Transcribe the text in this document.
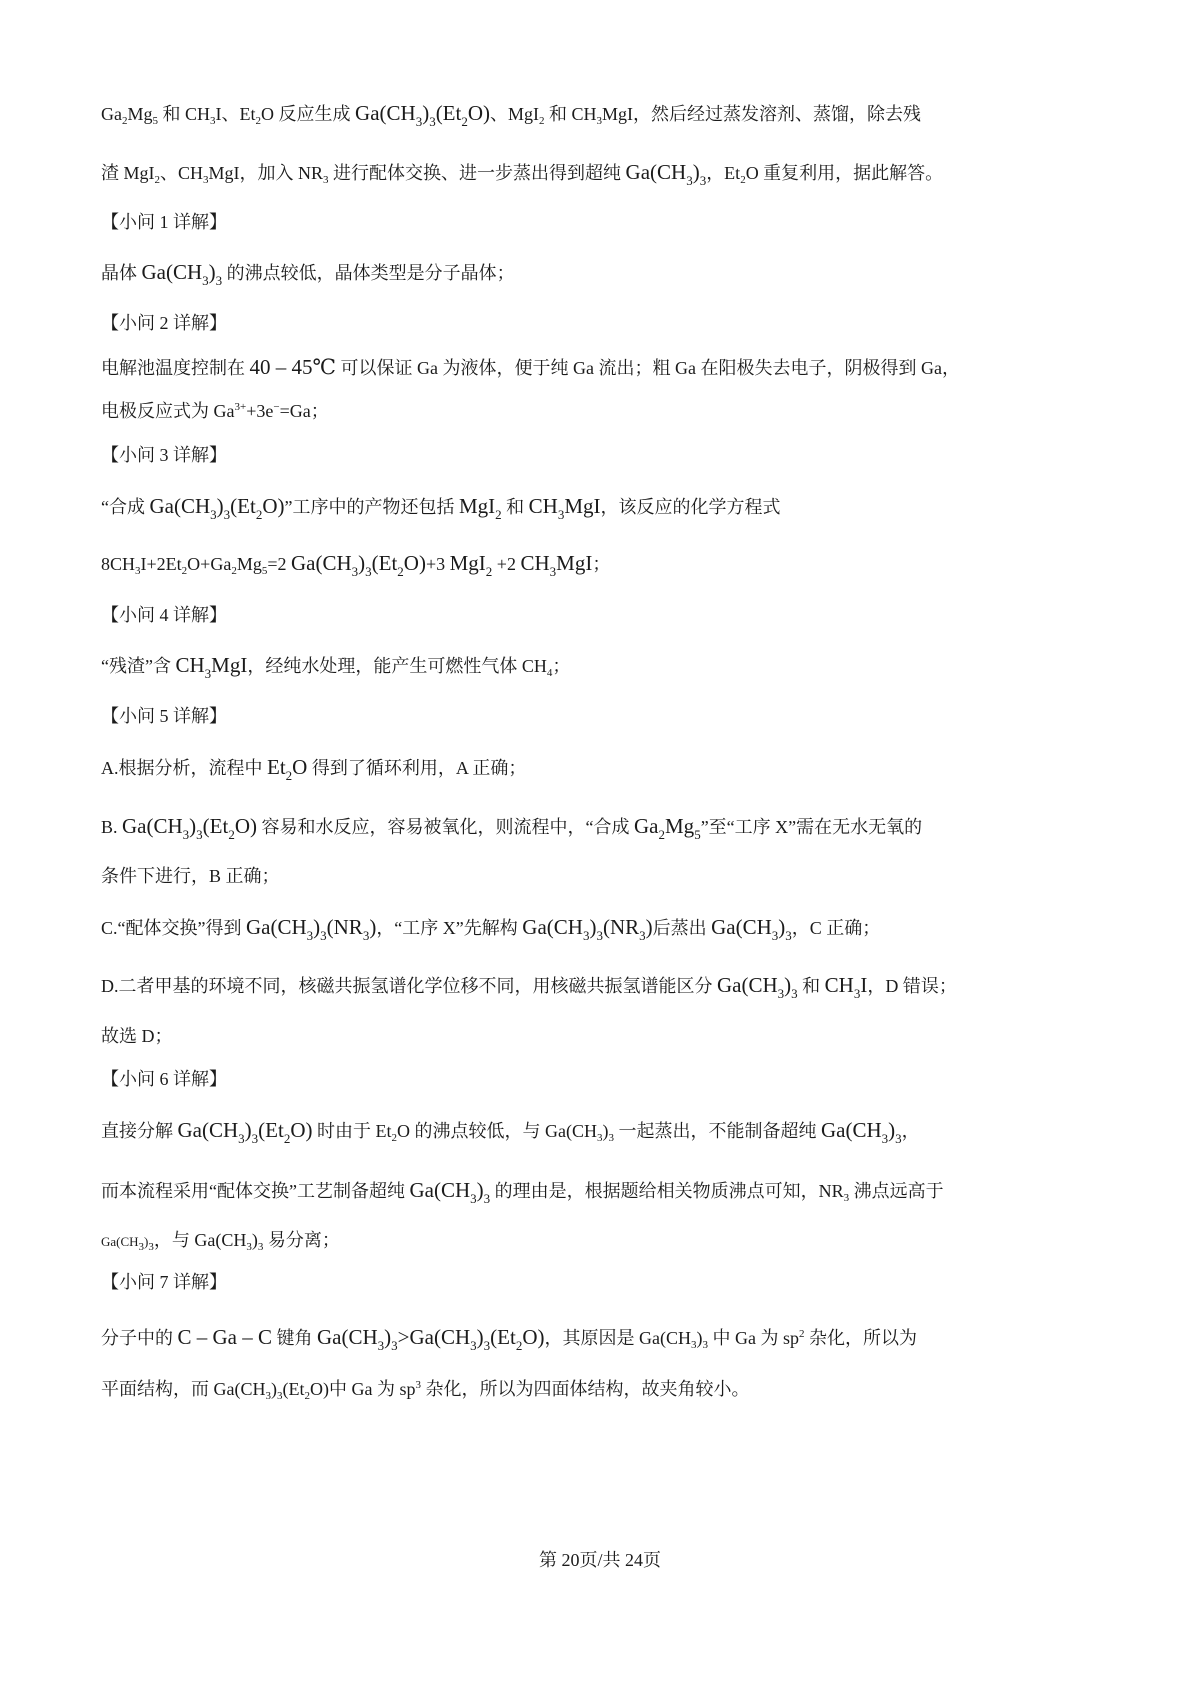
$Ga_2Mg_5$ 和 $CH_3I$、$Et_2O$ 反应生成 $Ga(CH_3)_3(Et_2O)$、MgI$_2$ 和 $CH_3MgI$，然后经过蒸发溶剂、蒸馏，除去残
渣 MgI$_2$、$CH_3MgI$，加入 $NR_3$ 进行配体交换、进一步蒸出得到超纯 $Ga(CH_3)_3$，$Et_2O$ 重复利用，据此解答。
【小问 1 详解】
晶体 $Ga(CH_3)_3$ 的沸点较低，晶体类型是分子晶体；
【小问 2 详解】
电解池温度控制在 40 – 45℃ 可以保证 Ga 为液体，便于纯 Ga 流出；粗 Ga 在阳极失去电子，阴极得到 Ga，
电极反应式为 $Ga^{3+}+3e^-=Ga$；
【小问 3 详解】
“合成 $Ga(CH_3)_3(Et_2O)$”工序中的产物还包括 MgI$_2$ 和 $CH_3MgI$，该反应的化学方程式
$8CH_3I+2Et_2O+Ga_2Mg_5=2$ $Ga(CH_3)_3(Et_2O)+3$ MgI$_2$ +2 $CH_3MgI$；
【小问 4 详解】
“残渣”含 $CH_3MgI$，经纯水处理，能产生可燃性气体 $CH_4$；
【小问 5 详解】
A.根据分析，流程中 $Et_2O$ 得到了循环利用，A 正确；
B. $Ga(CH_3)_3(Et_2O)$ 容易和水反应，容易被氧化，则流程中，“合成 $Ga_2Mg_5$”至“工序 X”需在无水无氧的
条件下进行，B 正确；
C.“配体交换”得到 $Ga(CH_3)_3(NR_3)$，“工序 X”先解构 $Ga(CH_3)_3(NR_3)$后蒸出 $Ga(CH_3)_3$，C 正确；
D.二者甲基的环境不同，核磁共振氢谱化学位移不同，用核磁共振氢谱能区分 $Ga(CH_3)_3$ 和 $CH_3I$，D 错误；
故选 D；
【小问 6 详解】
直接分解 $Ga(CH_3)_3(Et_2O)$ 时由于 $Et_2O$ 的沸点较低，与 $Ga(CH_3)_3$ 一起蒸出，不能制备超纯 $Ga(CH_3)_3$，
而本流程采用“配体交换”工艺制备超纯 $Ga(CH_3)_3$ 的理由是，根据题给相关物质沸点可知，$NR_3$ 沸点远高于
$Ga(CH_3)_3$，与 $Ga(CH_3)_3$ 易分离；
【小问 7 详解】
分子中的 C – Ga – C 键角 $Ga(CH_3)_3>Ga(CH_3)_3(Et_2O)$，其原因是 $Ga(CH_3)_3$ 中 Ga 为 $sp^2$ 杂化，所以为
平面结构，而 $Ga(CH_3)_3(Et_2O)$中 Ga 为 $sp^3$ 杂化，所以为四面体结构，故夹角较小。
第 20页/共 24页
